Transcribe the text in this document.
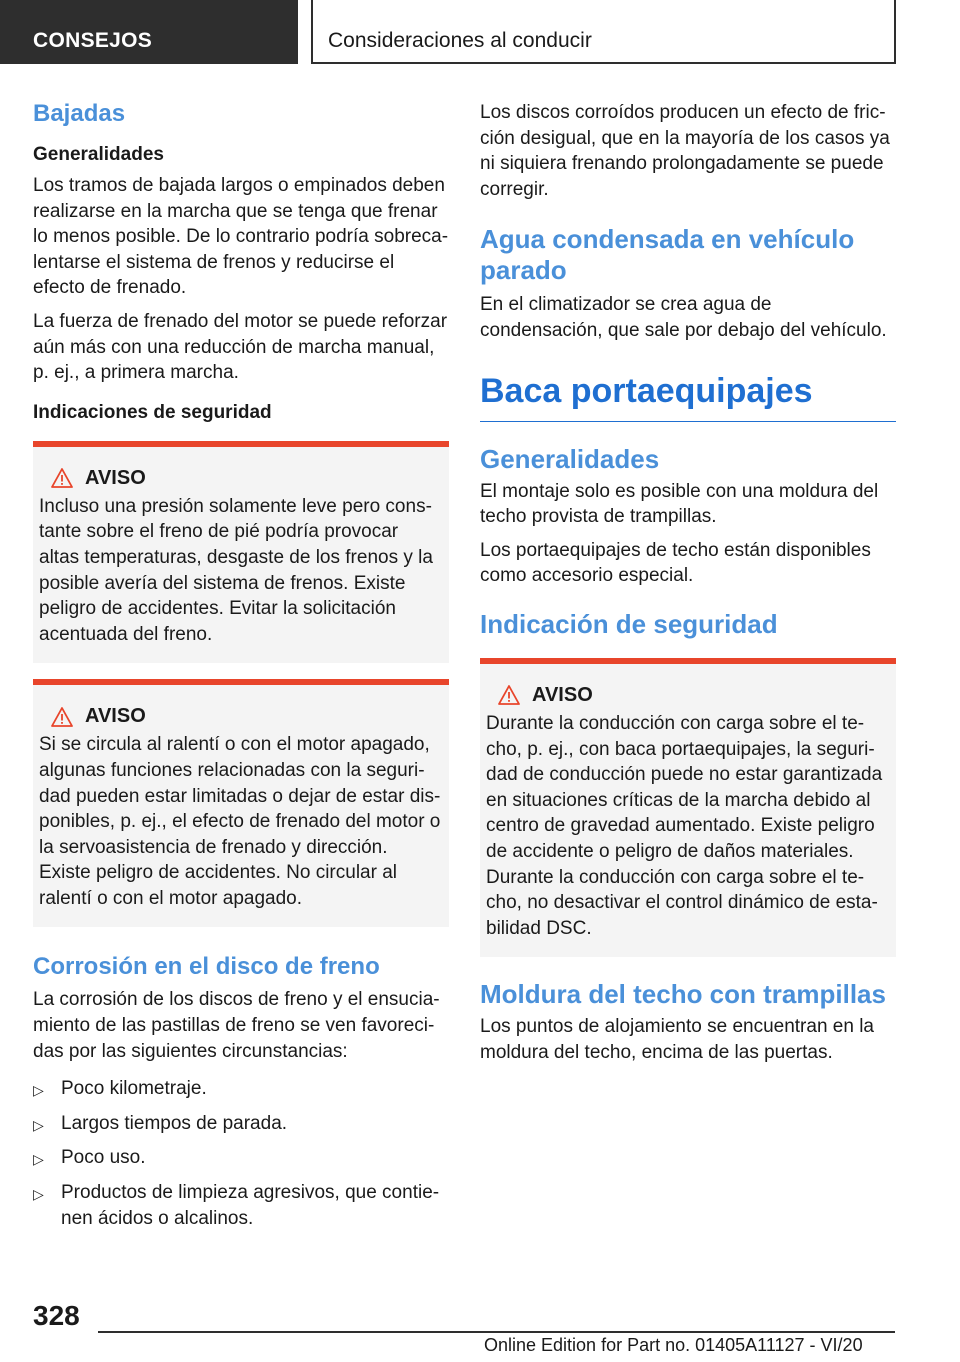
CONSEJOS	Consideraciones al conducir
Bajadas
Generalidades

Los tramos de bajada largos o empinados deben realizarse en la marcha que se tenga que frenar lo menos posible. De lo contrario podría sobrecalentarse el sistema de frenos y reducirse el efecto de frenado.

La fuerza de frenado del motor se puede reforzar aún más con una reducción de marcha manual, p. ej., a primera marcha.

Indicaciones de seguridad
AVISO

Incluso una presión solamente leve pero constante sobre el freno de pié podría provocar altas temperaturas, desgaste de los frenos y la posible avería del sistema de frenos. Existe peligro de accidentes. Evitar la solicitación acentuada del freno.

AVISO

Si se circula al ralentí o con el motor apagado, algunas funciones relacionadas con la seguridad pueden estar limitadas o dejar de estar disponibles, p. ej., el efecto de frenado del motor o la servoasistencia de frenado y dirección. Existe peligro de accidentes. No circular al ralentí o con el motor apagado.

Corrosión en el disco de freno

La corrosión de los discos de freno y el ensuciamiento de las pastillas de freno se ven favorecidas por las siguientes circunstancias:

▷ Poco kilometraje.
▷ Largos tiempos de parada.
▷ Poco uso.
▷ Productos de limpieza agresivos, que contienen ácidos o alcalinos.

Los discos corroídos producen un efecto de fricción desigual, que en la mayoría de los casos ya ni siquiera frenando prolongadamente se puede corregir.

Agua condensada en vehículo parado

En el climatizador se crea agua de condensación, que sale por debajo del vehículo.

Baca portaequipajes
Generalidades

El montaje solo es posible con una moldura del techo provista de trampillas.

Los portaequipajes de techo están disponibles como accesorio especial.

Indicación de seguridad
AVISO

Durante la conducción con carga sobre el techo, p. ej., con baca portaequipajes, la seguridad de conducción puede no estar garantizada en situaciones críticas de la marcha debido al centro de gravedad aumentado. Existe peligro de accidente o peligro de daños materiales.

Durante la conducción con carga sobre el techo, no desactivar el control dinámico de estabilidad DSC.

Moldura del techo con trampillas

Los puntos de alojamiento se encuentran en la moldura del techo, encima de las puertas.

328
Online Edition for Part no. 01405A11127 - VI/20
